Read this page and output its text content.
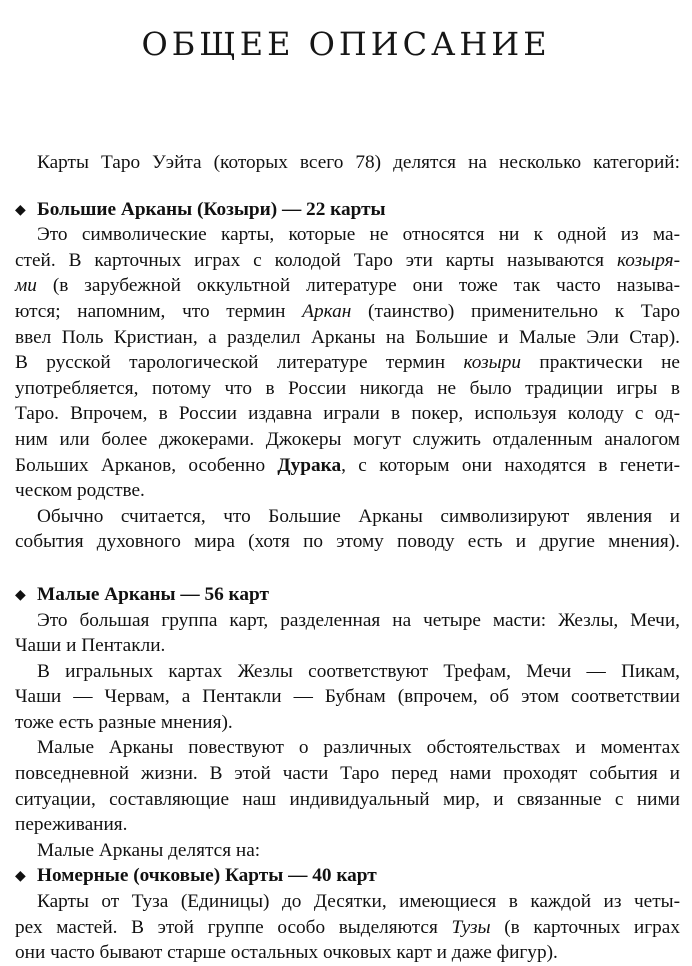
ОБЩЕЕ ОПИСАНИЕ
Карты Таро Уэйта (которых всего 78) делятся на несколько категорий:
◆ Большие Арканы (Козыри) — 22 карты
Это символические карты, которые не относятся ни к одной из ма-
стей. В карточных играх с колодой Таро эти карты называются козыря-
ми (в зарубежной оккультной литературе они тоже так часто называ-
ются; напомним, что термин Аркан (таинство) применительно к Таро
ввел Поль Кристиан, а разделил Арканы на Большие и Малые Эли Стар).
В русской тарологической литературе термин козыри практически не
употребляется, потому что в России никогда не было традиции игры в
Таро. Впрочем, в России издавна играли в покер, используя колоду с од-
ним или более джокерами. Джокеры могут служить отдаленным аналогом
Больших Арканов, особенно Дурака, с которым они находятся в генети-
ческом родстве.
Обычно считается, что Большие Арканы символизируют явления и
события духовного мира (хотя по этому поводу есть и другие мнения).
◆ Малые Арканы — 56 карт
Это большая группа карт, разделенная на четыре масти: Жезлы, Мечи,
Чаши и Пентакли.
В игральных картах Жезлы соответствуют Трефам, Мечи — Пикам,
Чаши — Червам, а Пентакли — Бубнам (впрочем, об этом соответствии
тоже есть разные мнения).
Малые Арканы повествуют о различных обстоятельствах и моментах
повседневной жизни. В этой части Таро перед нами проходят события и
ситуации, составляющие наш индивидуальный мир, и связанные с ними
переживания.
Малые Арканы делятся на:
◆ Номерные (очковые) Карты — 40 карт
Карты от Туза (Единицы) до Десятки, имеющиеся в каждой из четы-
рех мастей. В этой группе особо выделяются Тузы (в карточных играх
они часто бывают старше остальных очковых карт и даже фигур).
